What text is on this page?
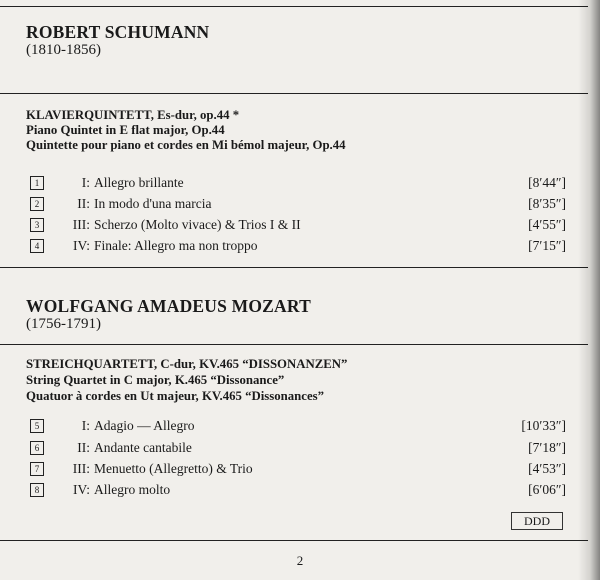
ROBERT SCHUMANN
(1810-1856)
KLAVIERQUINTETT, Es-dur, op.44 *
Piano Quintet in E flat major, Op.44
Quintette pour piano et cordes en Mi bémol majeur, Op.44
1	I: Allegro brillante	[8′44″]
2	II: In modo d'una marcia	[8′35″]
3	III: Scherzo (Molto vivace) & Trios I & II	[4′55″]
4	IV: Finale: Allegro ma non troppo	[7′15″]
WOLFGANG AMADEUS MOZART
(1756-1791)
STREICHQUARTETT, C-dur, KV.465 “DISSONANZEN”
String Quartet in C major, K.465 “Dissonance”
Quatuor à cordes en Ut majeur, KV.465 “Dissonances”
5	I: Adagio — Allegro	[10′33″]
6	II: Andante cantabile	[7′18″]
7	III: Menuetto (Allegretto) & Trio	[4′53″]
8	IV: Allegro molto	[6′06″]
DDD
2
